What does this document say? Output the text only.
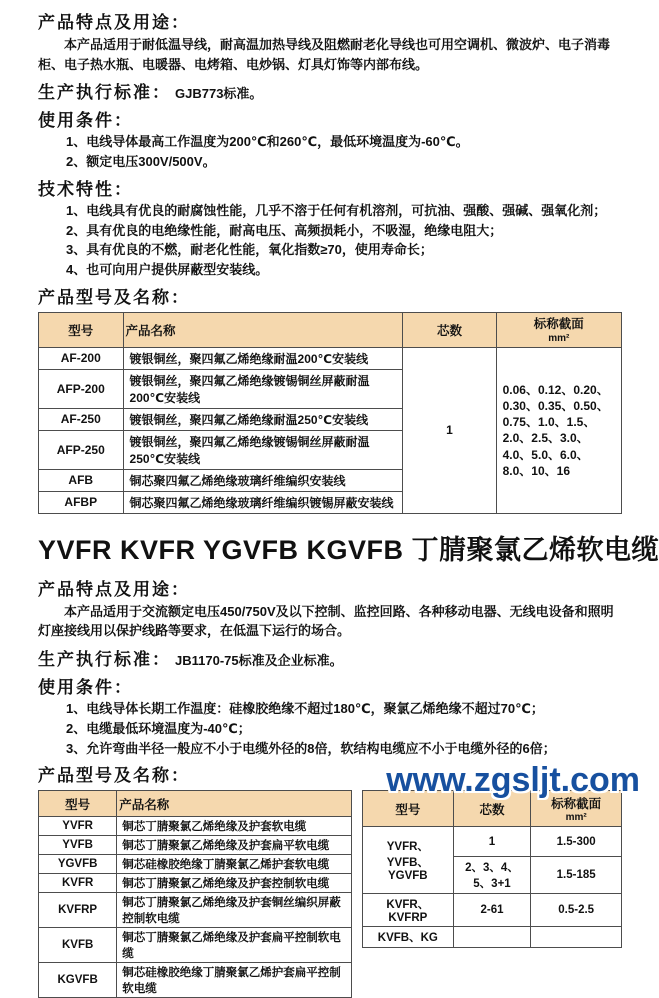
产品特点及用途：
本产品适用于耐低温导线，耐高温加热导线及阻燃耐老化导线也可用空调机、微波炉、电子消毒柜、电子热水瓶、电暖器、电烤箱、电炒锅、灯具灯饰等内部布线。
生产执行标准： GJB773标准。
使用条件：
1、电线导体最高工作温度为200℃和260℃，最低环境温度为-60℃。
2、额定电压300V/500V。
技术特性：
1、电线具有优良的耐腐蚀性能，几乎不溶于任何有机溶剂，可抗油、强酸、强碱、强氧化剂；
2、具有优良的电绝缘性能，耐高电压、高频损耗小，不吸湿，绝缘电阻大；
3、具有优良的不燃，耐老化性能，氧化指数≥70，使用寿命长；
4、也可向用户提供屏蔽型安装线。
产品型号及名称：
型号	产品名称	芯数	标称截面
mm²

AF-200	镀银铜丝，聚四氟乙烯绝缘耐温200℃安装线	1	0.06、0.12、0.20、0.30、0.35、0.50、0.75、1.0、1.5、2.0、2.5、3.0、4.0、5.0、6.0、8.0、10、16
AFP-200	镀银铜丝，聚四氟乙烯绝缘镀锡铜丝屏蔽耐温200℃安装线		
AF-250	镀银铜丝，聚四氟乙烯绝缘耐温250℃安装线		
AFP-250	镀银铜丝，聚四氟乙烯绝缘镀锡铜丝屏蔽耐温250℃安装线		
AFB	铜芯聚四氟乙烯绝缘玻璃纤维编织安装线		
AFBP	铜芯聚四氟乙烯绝缘玻璃纤维编织镀锡屏蔽安装线		
YVFR KVFR YGVFB KGVFB 丁腈聚氯乙烯软电缆
产品特点及用途：
本产品适用于交流额定电压450/750V及以下控制、监控回路、各种移动电器、无线电设备和照明灯座接线用以保护线路等要求，在低温下运行的场合。
生产执行标准： JB1170-75标准及企业标准。
使用条件：
1、电线导体长期工作温度：硅橡胶绝缘不超过180℃，聚氯乙烯绝缘不超过70℃；
2、电缆最低环境温度为-40℃；
3、允许弯曲半径一般应不小于电缆外径的8倍，软结构电缆应不小于电缆外径的6倍；
产品型号及名称：
型号	产品名称
YVFR	铜芯丁腈聚氯乙烯绝缘及护套软电缆
YVFB	铜芯丁腈聚氯乙烯绝缘及护套扁平软电缆
YGVFB	铜芯硅橡胶绝缘丁腈聚氯乙烯护套软电缆
KVFR	铜芯丁腈聚氯乙烯绝缘及护套控制软电缆
KVFRP	铜芯丁腈聚氯乙烯绝缘及护套铜丝编织屏蔽控制软电缆
KVFB	铜芯丁腈聚氯乙烯绝缘及护套扁平控制软电缆
KGVFB	铜芯硅橡胶绝缘丁腈聚氯乙烯护套扁平控制软电缆
型号	芯数	标称截面
mm²

YVFR、YVFB、YGVFB	1	1.5-300
	2、3、4、5、3+1	1.5-185
KVFR、KVFRP	2-61	0.5-2.5
KVFB、KG		
www.zgsljt.com
